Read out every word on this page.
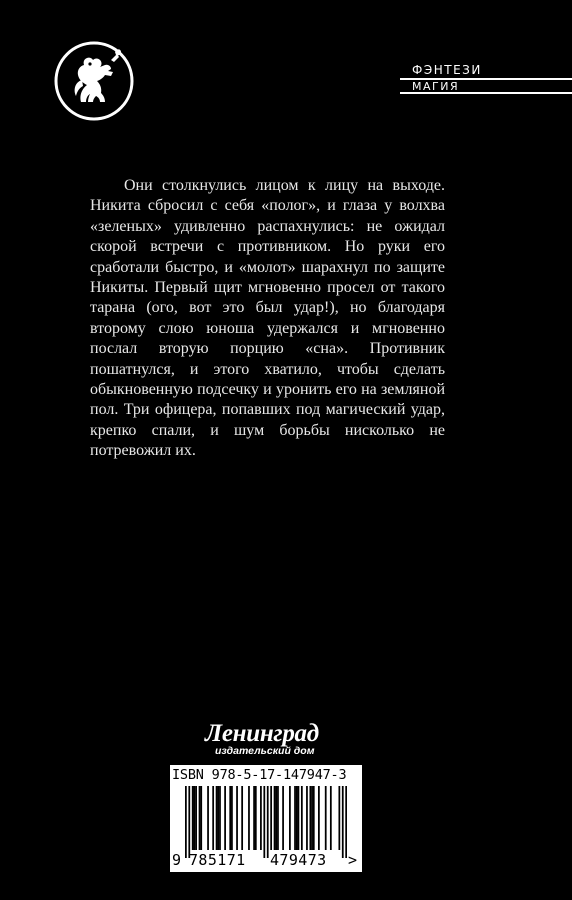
ФЭНТЕЗИ
МАГИЯ

Они столкнулись лицом к лицу на выходе. Никита сбросил с себя «полог», и глаза у волхва «зеленых» удивленно распахнулись: не ожидал скорой встречи с противником. Но руки его сработали быстро, и «молот» шарахнул по защите Никиты. Первый щит мгновенно просел от такого тарана (ого, вот это был удар!), но благодаря второму слою юноша удержался и мгновенно послал вторую порцию «сна». Противник пошатнулся, и этого хватило, чтобы сделать обыкновенную подсечку и уронить его на земляной пол. Три офицера, попавших под магический удар, крепко спали, и шум борьбы нисколько не потревожил их.

Ленинград
издательский дом
ISBN 978-5-17-147947-3
9 785171 479473 >
